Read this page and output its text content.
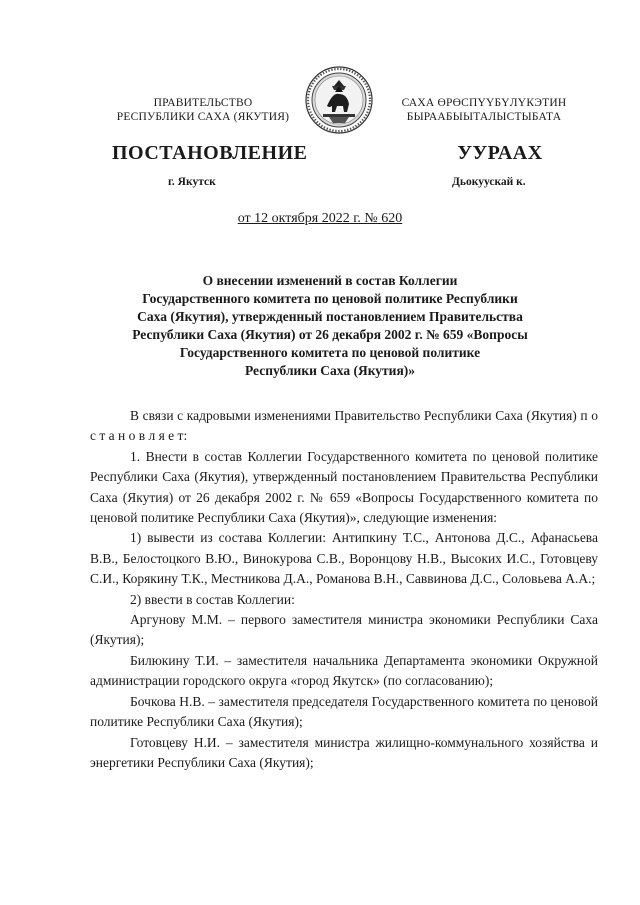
ПРАВИТЕЛЬСТВО
РЕСПУБЛИКИ САХА (ЯКУТИЯ)
САХА ӨРӨСПҮҮБҮЛҮКЭТИН
БЫРААБЫЫТАЛЫСТЫБАТА
ПОСТАНОВЛЕНИЕ	УУРААХ
г. Якутск	Дьокуускай к.
от 12 октября 2022 г. № 620
О внесении изменений в состав Коллегии
Государственного комитета по ценовой политике Республики
Саха (Якутия), утвержденный постановлением Правительства
Республики Саха (Якутия) от 26 декабря 2002 г. № 659 «Вопросы
Государственного комитета по ценовой политике
Республики Саха (Якутия)»

В связи с кадровыми изменениями Правительство Республики Саха (Якутия) п о с т а н о в л я е т:

1. Внести в состав Коллегии Государственного комитета по ценовой политике Республики Саха (Якутия), утвержденный постановлением Правительства Республики Саха (Якутия) от 26 декабря 2002 г. № 659 «Вопросы Государственного комитета по ценовой политике Республики Саха (Якутия)», следующие изменения:

1) вывести из состава Коллегии: Антипкину Т.С., Антонова Д.С., Афанасьева В.В., Белостоцкого В.Ю., Винокурова С.В., Воронцову Н.В., Высоких И.С., Готовцеву С.И., Корякину Т.К., Местникова Д.А., Романова В.Н., Саввинова Д.С., Соловьева А.А.;

2) ввести в состав Коллегии:

Аргунову М.М. – первого заместителя министра экономики Республики Саха (Якутия);

Билюкину Т.И. – заместителя начальника Департамента экономики Окружной администрации городского округа «город Якутск» (по согласованию);

Бочкова Н.В. – заместителя председателя Государственного комитета по ценовой политике Республики Саха (Якутия);

Готовцеву Н.И. – заместителя министра жилищно-коммунального хозяйства и энергетики Республики Саха (Якутия);
